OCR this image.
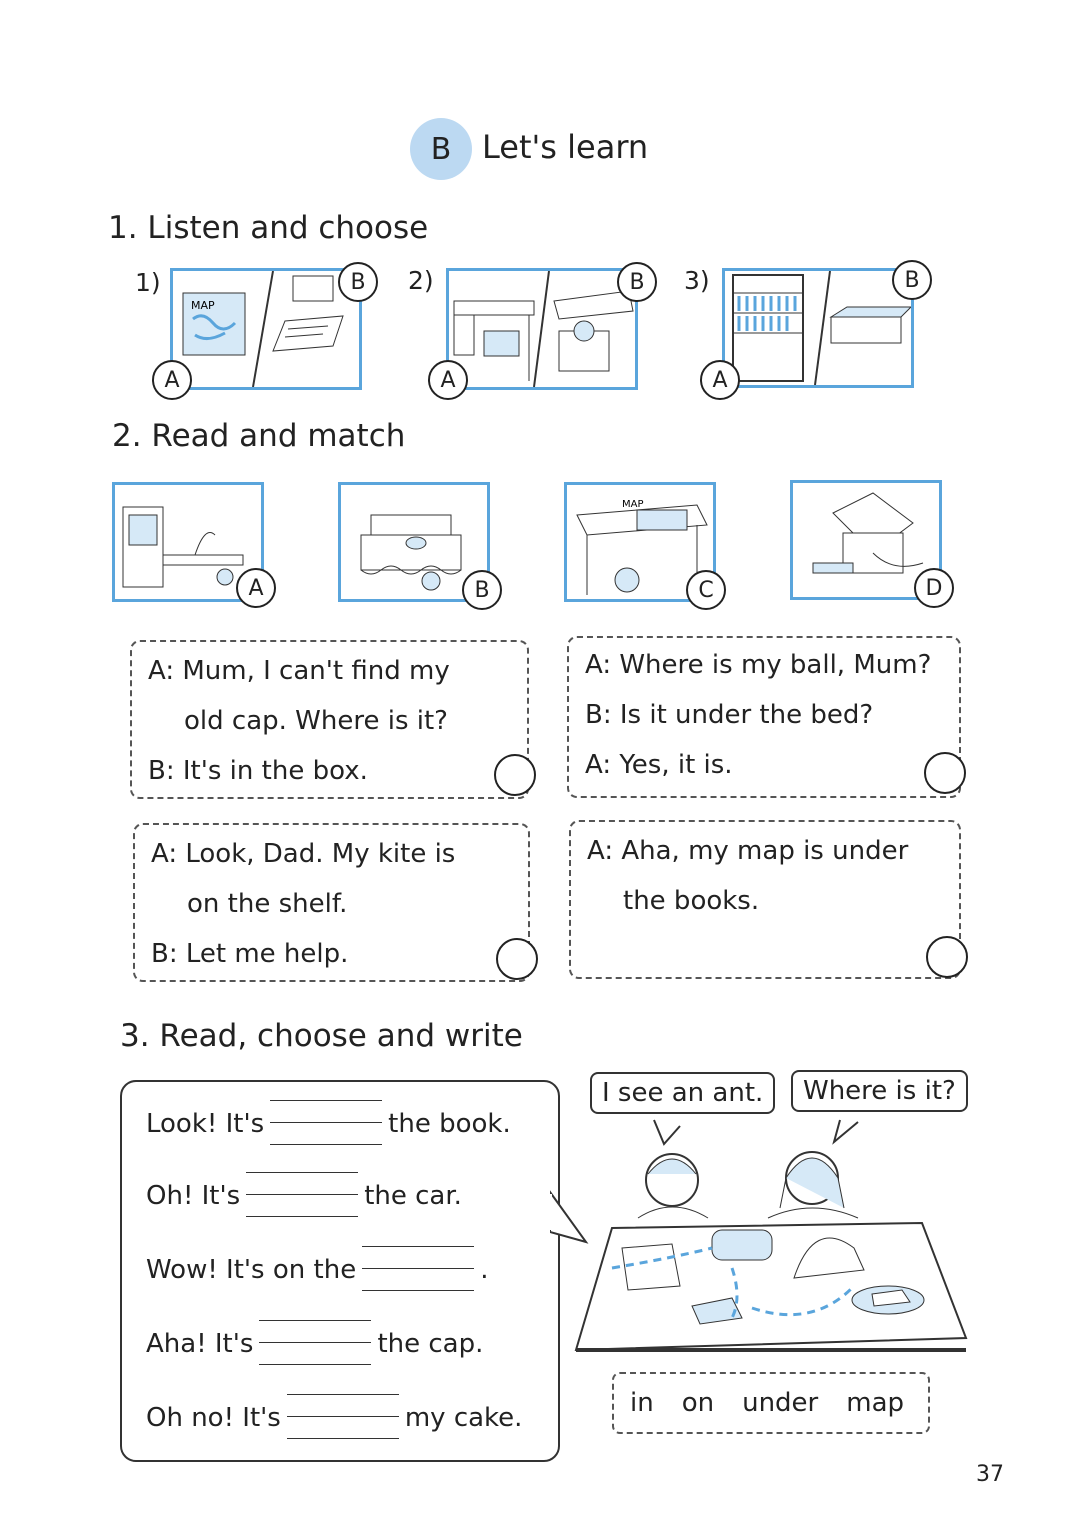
B Let's learn
1. Listen and choose
1)
MAP
A
B 2)
A
B 3)
A
B
2. Read and match
A	B
MAP
C	D

A: Mum, I can't find my

old cap. Where is it?

B: It's in the box.

A: Where is my ball, Mum?

B: Is it under the bed?

A: Yes, it is.

A: Look, Dad. My kite is

on the shelf.

B: Let me help.

A: Aha, my map is under

the books.

3. Read, choose and write
Look! It's	the book.
Oh! It's	the car.
Wow! It's on the	.
Aha! It's	the cap.
Oh no! It's	my cake.
I see an ant.	Where is it?
in on under map
37
